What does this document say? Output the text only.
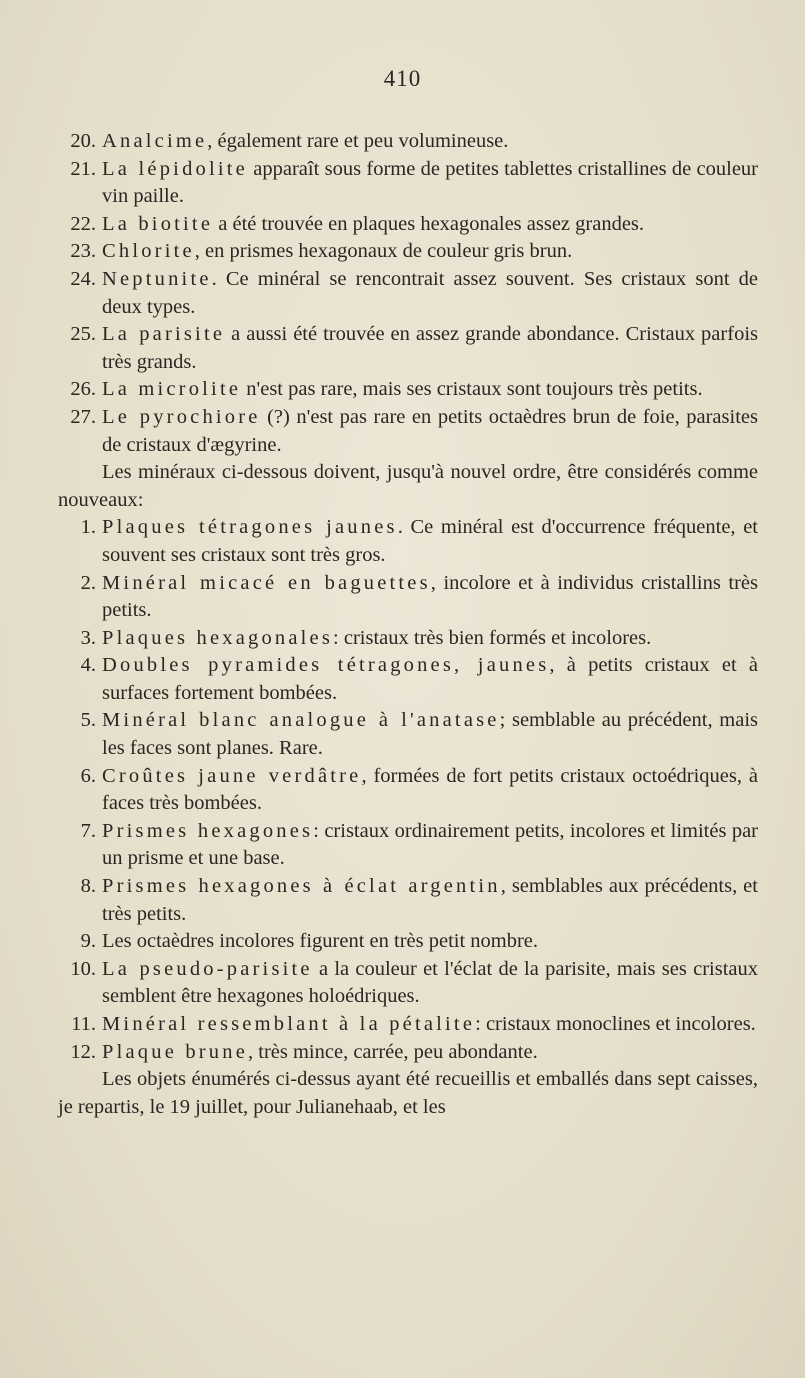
410
20. Analcime, également rare et peu volumineuse.
21. La lépidolite apparaît sous forme de petites tablettes cristallines de couleur vin paille.
22. La biotite a été trouvée en plaques hexagonales assez grandes.
23. Chlorite, en prismes hexagonaux de couleur gris brun.
24. Neptunite. Ce minéral se rencontrait assez souvent. Ses cristaux sont de deux types.
25. La parisite a aussi été trouvée en assez grande abondance. Cristaux parfois très grands.
26. La microlite n'est pas rare, mais ses cristaux sont toujours très petits.
27. Le pyrochiore (?) n'est pas rare en petits octaèdres brun de foie, parasites de cristaux d'ægyrine.
Les minéraux ci-dessous doivent, jusqu'à nouvel ordre, être considérés comme nouveaux:
1. Plaques tétragones jaunes. Ce minéral est d'occurrence fréquente, et souvent ses cristaux sont très gros.
2. Minéral micacé en baguettes, incolore et à individus cristallins très petits.
3. Plaques hexagonales: cristaux très bien formés et incolores.
4. Doubles pyramides tétragones, jaunes, à petits cristaux et à surfaces fortement bombées.
5. Minéral blanc analogue à l'anatase; semblable au précédent, mais les faces sont planes. Rare.
6. Croûtes jaune verdâtre, formées de fort petits cristaux octoédriques, à faces très bombées.
7. Prismes hexagones: cristaux ordinairement petits, incolores et limités par un prisme et une base.
8. Prismes hexagones à éclat argentin, semblables aux précédents, et très petits.
9. Les octaèdres incolores figurent en très petit nombre.
10. La pseudo-parisite a la couleur et l'éclat de la parisite, mais ses cristaux semblent être hexagones holoédriques.
11. Minéral ressemblant à la pétalite: cristaux monoclines et incolores.
12. Plaque brune, très mince, carrée, peu abondante.
Les objets énumérés ci-dessus ayant été recueillis et emballés dans sept caisses, je repartis, le 19 juillet, pour Julianehaab, et les
